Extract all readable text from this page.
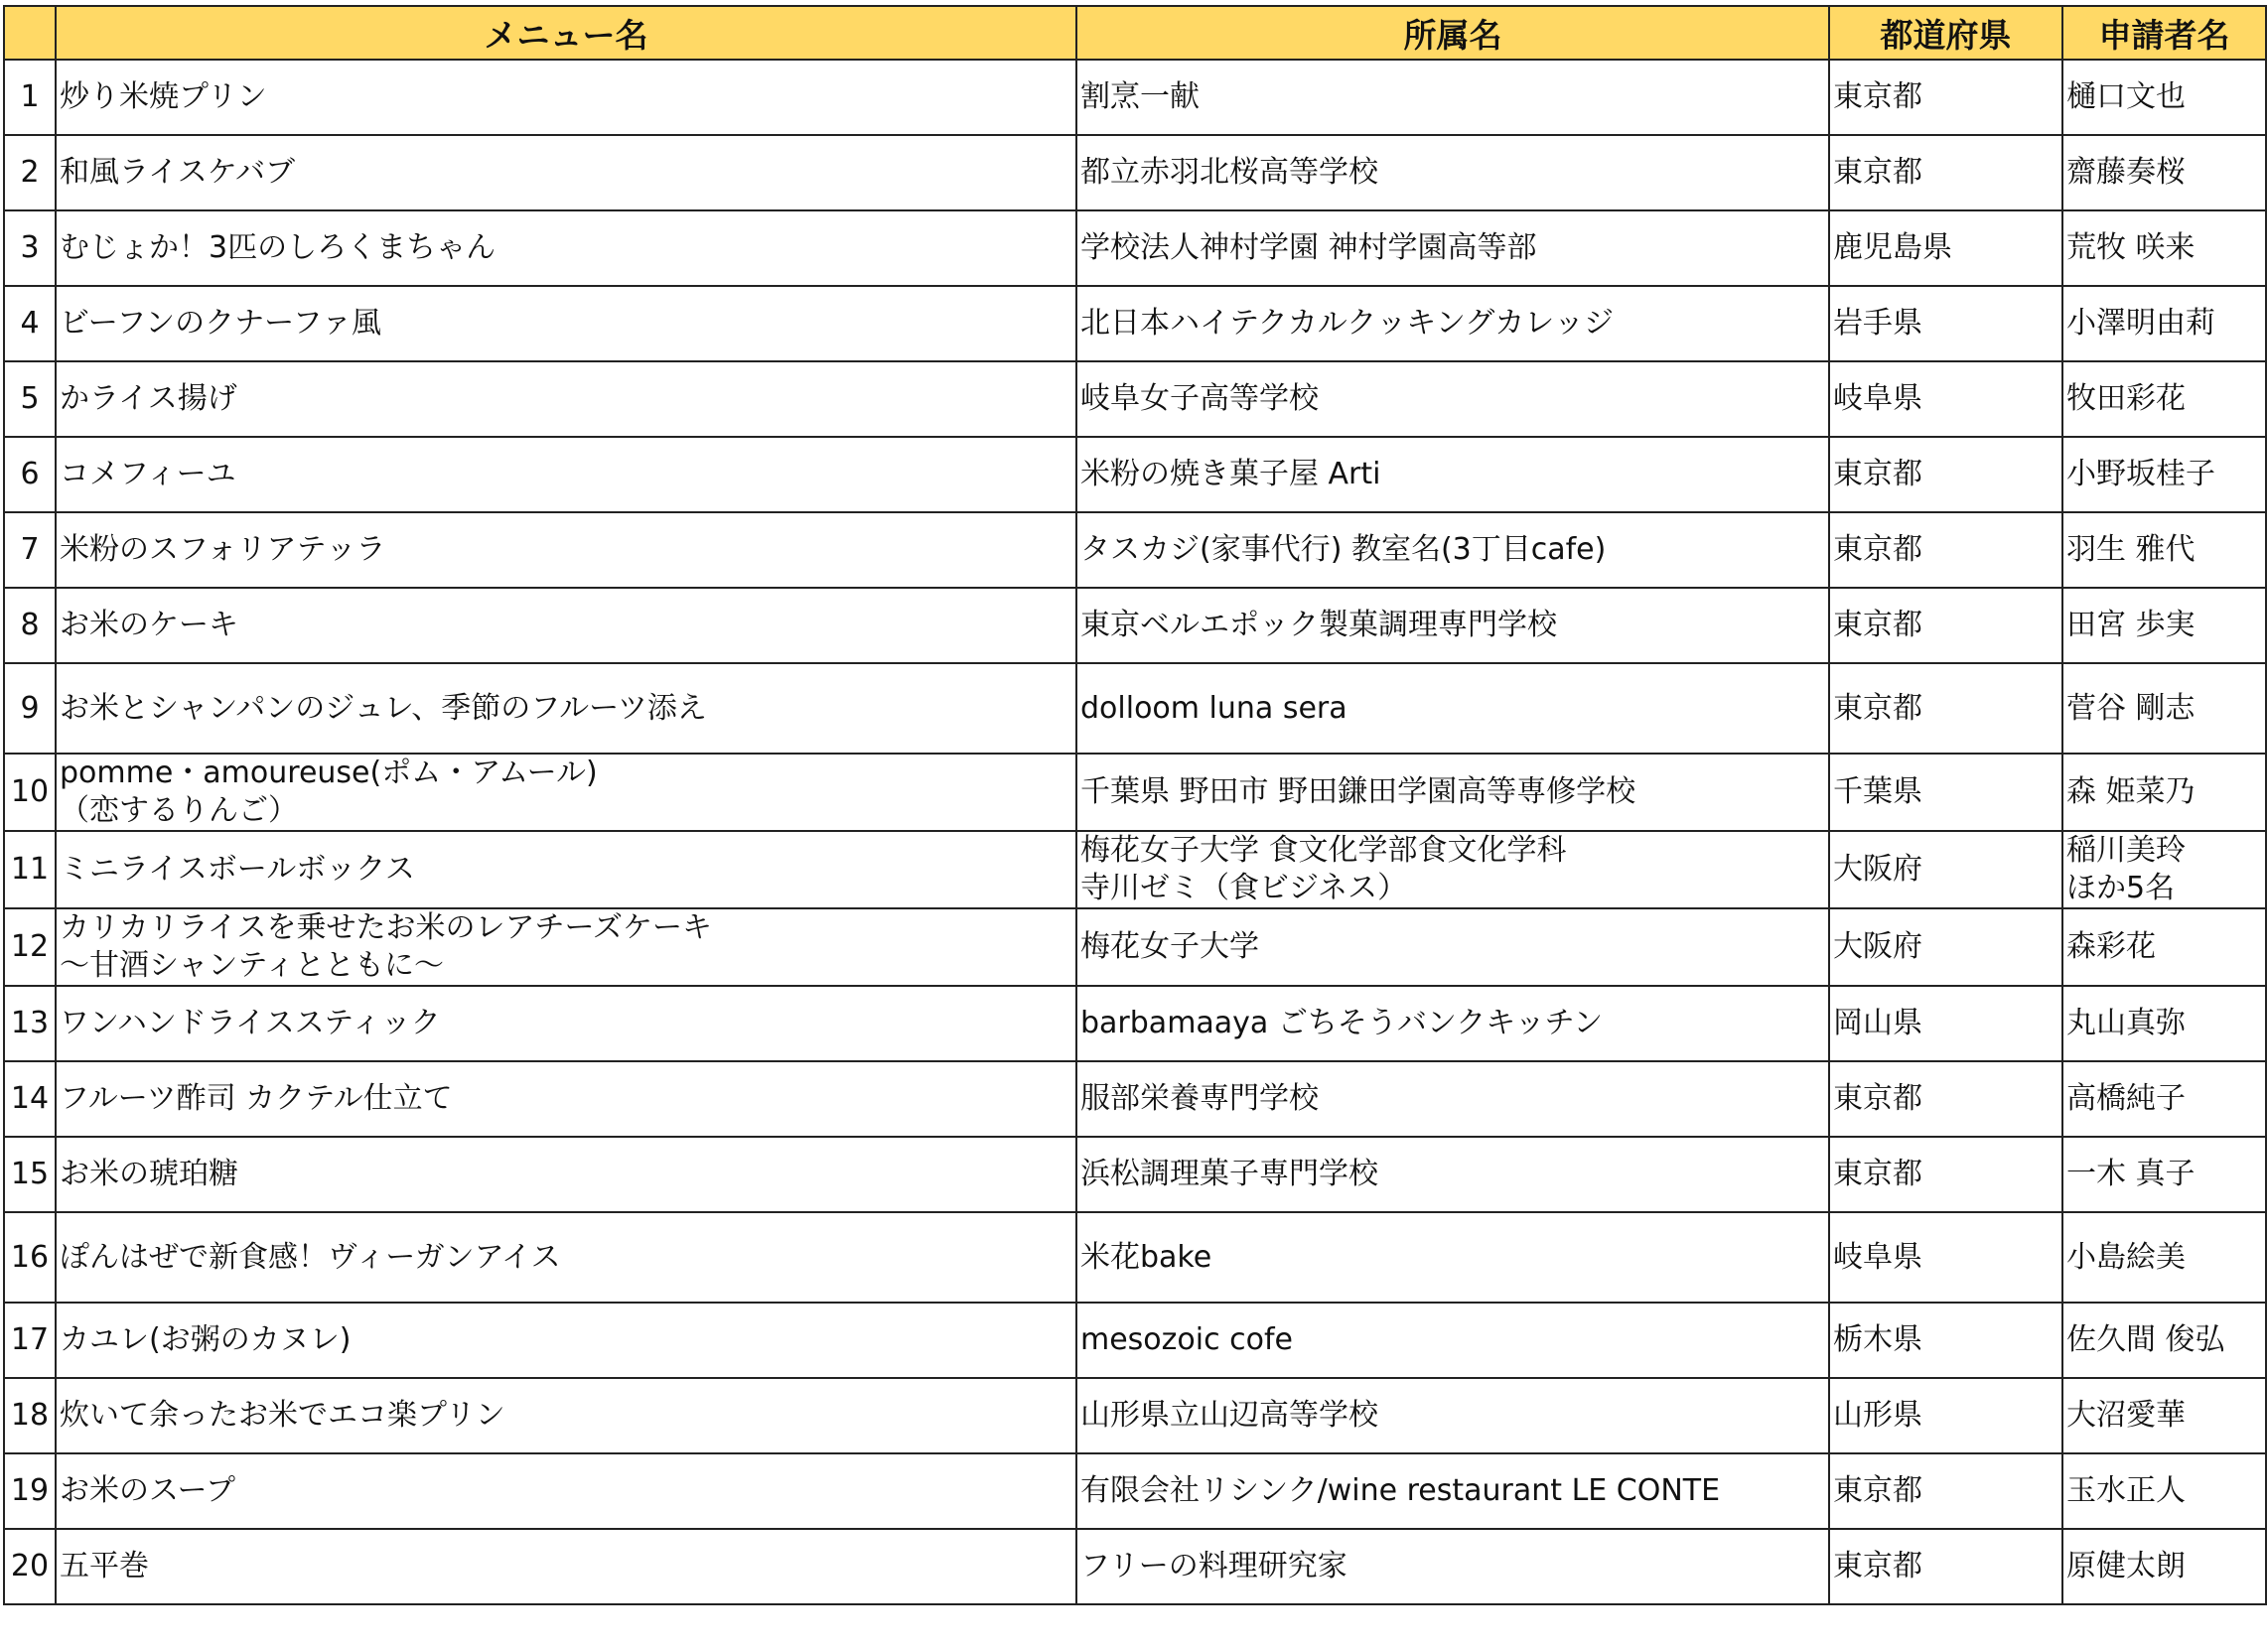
	メニュー名	所属名	都道府県	申請者名
1	炒り米焼プリン	割烹一献	東京都	樋口文也
2	和風ライスケバブ	都立赤羽北桜高等学校	東京都	齋藤奏桜
3	むじょか！3匹のしろくまちゃん	学校法人神村学園 神村学園高等部	鹿児島県	荒牧 咲来
4	ビーフンのクナーファ風	北日本ハイテクカルクッキングカレッジ	岩手県	小澤明由莉
5	かライス揚げ	岐阜女子高等学校	岐阜県	牧田彩花
6	コメフィーユ	米粉の焼き菓子屋 Arti	東京都	小野坂桂子
7	米粉のスフォリアテッラ	タスカジ(家事代行) 教室名(3丁目cafe)	東京都	羽生 雅代
8	お米のケーキ	東京ベルエポック製菓調理専門学校	東京都	田宮 歩実
9	お米とシャンパンのジュレ、季節のフルーツ添え	dolloom luna sera	東京都	菅谷 剛志
10	pomme・amoureuse(ポム・アムール)
（恋するりんご）	千葉県 野田市 野田鎌田学園高等専修学校	千葉県	森 姫菜乃
11	ミニライスボールボックス	梅花女子大学 食文化学部食文化学科
寺川ゼミ（食ビジネス）	大阪府	稲川美玲
ほか5名
12	カリカリライスを乗せたお米のレアチーズケーキ
～甘酒シャンティとともに～	梅花女子大学	大阪府	森彩花
13	ワンハンドライススティック	barbamaaya ごちそうバンクキッチン	岡山県	丸山真弥
14	フルーツ酢司 カクテル仕立て	服部栄養専門学校	東京都	高橋純子
15	お米の琥珀糖	浜松調理菓子専門学校	東京都	一木 真子
16	ぽんはぜで新食感！ヴィーガンアイス	米花bake	岐阜県	小島絵美
17	カユレ(お粥のカヌレ)	mesozoic cofe	栃木県	佐久間 俊弘
18	炊いて余ったお米でエコ楽プリン	山形県立山辺高等学校	山形県	大沼愛華
19	お米のスープ	有限会社リシンク/wine restaurant LE CONTE	東京都	玉水正人
20	五平巻	フリーの料理研究家	東京都	原健太朗
